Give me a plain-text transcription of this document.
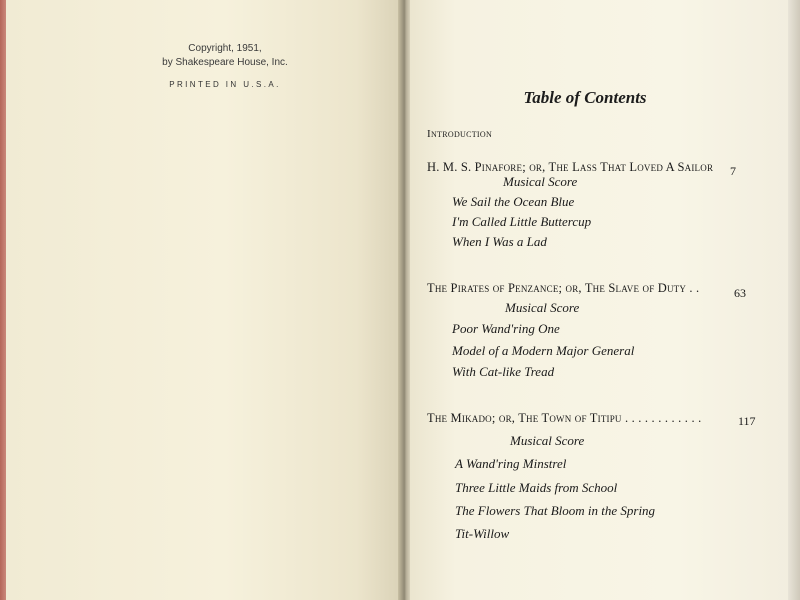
Copyright, 1951,
by Shakespeare House, Inc.
PRINTED IN U.S.A.
Table of Contents
Introduction
H. M. S. Pinafore; or, The Lass That Loved A Sailor 7
Musical Score
We Sail the Ocean Blue
I'm Called Little Buttercup
When I Was a Lad
The Pirates of Penzance; or, The Slave of Duty . .	63
Musical Score
Poor Wand'ring One
Model of a Modern Major General
With Cat-like Tread
The Mikado; or, The Town of Titipu . . . . . . . . . . . .	117
Musical Score
A Wand'ring Minstrel
Three Little Maids from School
The Flowers That Bloom in the Spring
Tit-Willow
